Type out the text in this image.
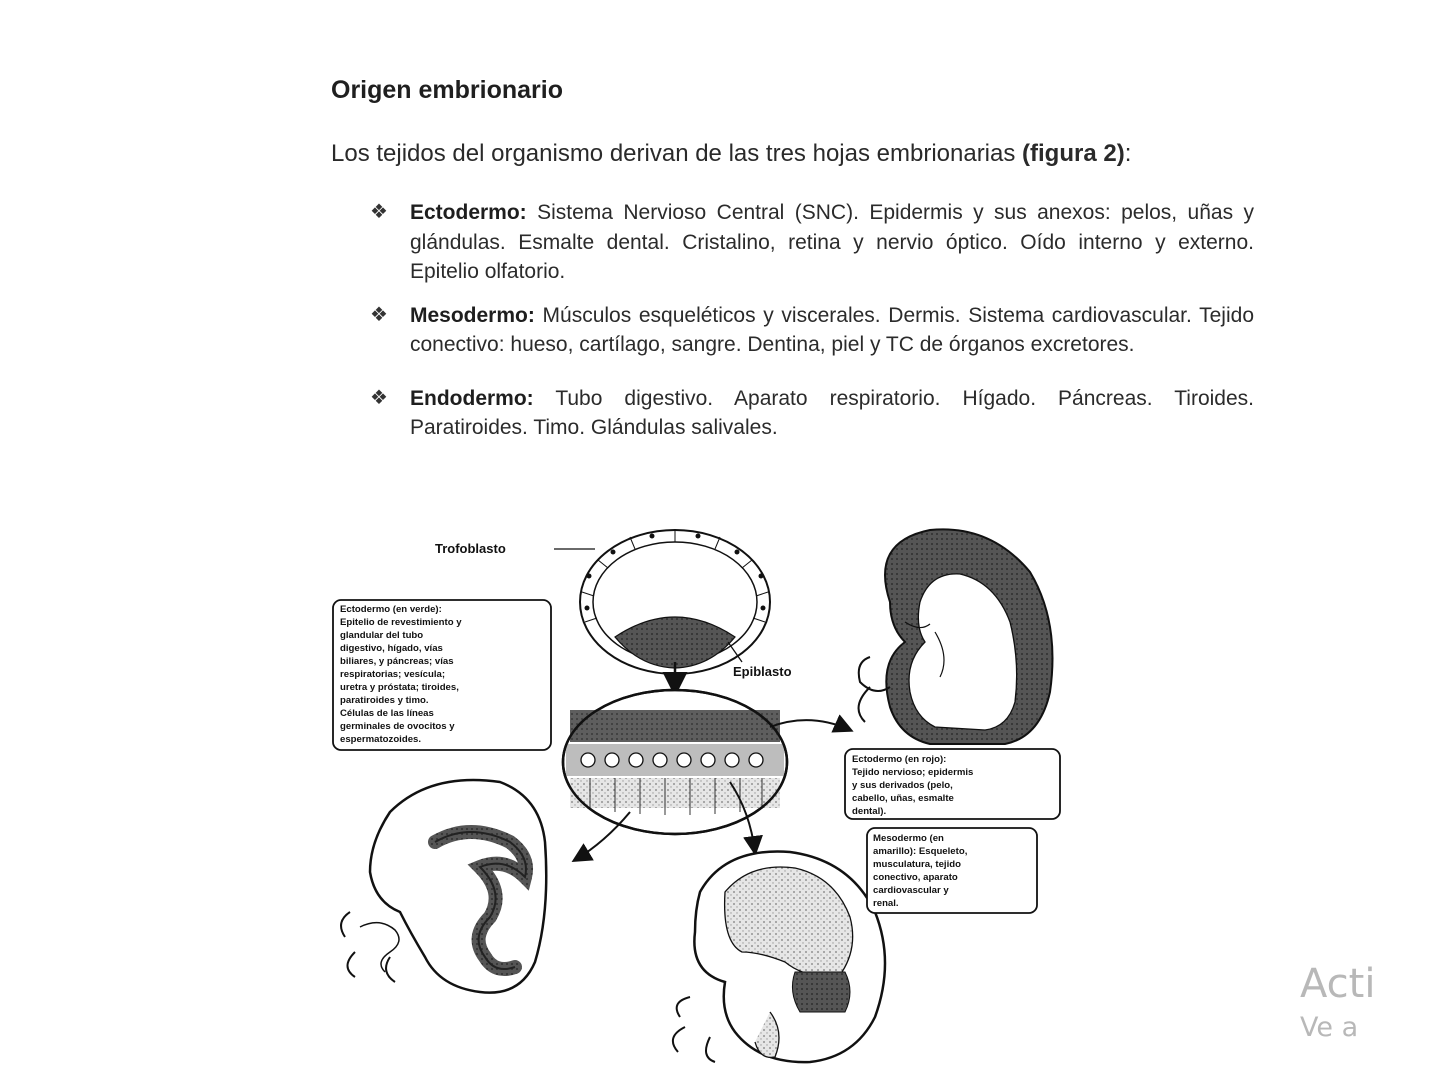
Origen embrionario
Los tejidos del organismo derivan de las tres hojas embrionarias (figura 2):
❖ Ectodermo: Sistema Nervioso Central (SNC). Epidermis y sus anexos: pelos, uñas y glándulas. Esmalte dental. Cristalino, retina y nervio óptico. Oído interno y externo. Epitelio olfatorio.
❖ Mesodermo: Músculos esqueléticos y viscerales. Dermis. Sistema cardiovascular. Tejido conectivo: hueso, cartílago, sangre. Dentina, piel y TC de órganos excretores.
❖ Endodermo: Tubo digestivo. Aparato respiratorio. Hígado. Páncreas. Tiroides. Paratiroides. Timo. Glándulas salivales.
Trofoblasto
Epiblasto
Ectodermo (en verde): Epitelio de revestimiento y glandular del tubo digestivo, hígado, vías biliares, y páncreas; vías respiratorias; vesícula; uretra y próstata; tiroides, paratiroides y timo. Células de las líneas germinales de ovocitos y espermatozoides.
Ectodermo (en rojo): Tejido nervioso; epidermis y sus derivados (pelo, cabello, uñas, esmalte dental).
Mesodermo (en amarillo): Esqueleto, musculatura, tejido conectivo, aparato cardiovascular y renal.
Acti
Ve a
